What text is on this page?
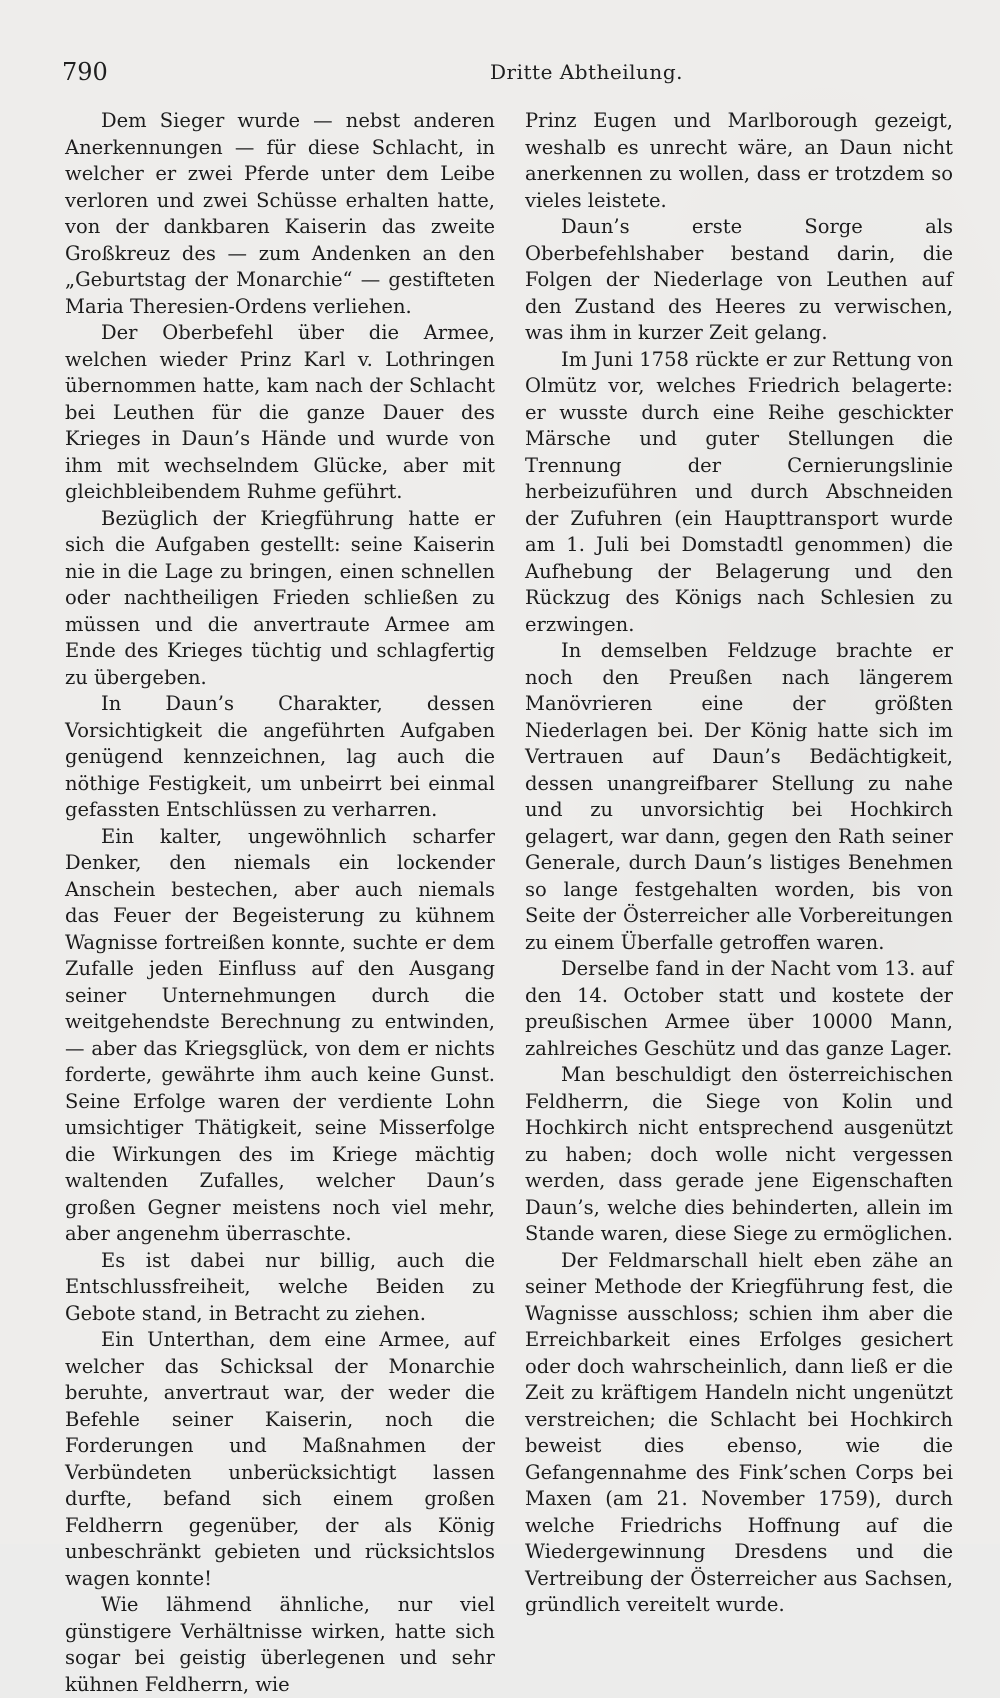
790	Dritte Abtheilung.

Dem Sieger wurde — nebst anderen Anerkennungen — für diese Schlacht, in welcher er zwei Pferde unter dem Leibe verloren und zwei Schüsse erhalten hatte, von der dankbaren Kaiserin das zweite Großkreuz des — zum Andenken an den „Geburtstag der Monarchie“ — gestifteten Maria Theresien-Ordens verliehen.

Der Oberbefehl über die Armee, welchen wieder Prinz Karl v. Lothringen übernommen hatte, kam nach der Schlacht bei Leuthen für die ganze Dauer des Krieges in Daun’s Hände und wurde von ihm mit wechselndem Glücke, aber mit gleichbleibendem Ruhme geführt.

Bezüglich der Kriegführung hatte er sich die Aufgaben gestellt: seine Kaiserin nie in die Lage zu bringen, einen schnellen oder nachtheiligen Frieden schließen zu müssen und die anvertraute Armee am Ende des Krieges tüchtig und schlagfertig zu übergeben.

In Daun’s Charakter, dessen Vorsichtigkeit die angeführten Aufgaben genügend kennzeichnen, lag auch die nöthige Festigkeit, um unbeirrt bei einmal gefassten Entschlüssen zu verharren.

Ein kalter, ungewöhnlich scharfer Denker, den niemals ein lockender Anschein bestechen, aber auch niemals das Feuer der Begeisterung zu kühnem Wagnisse fortreißen konnte, suchte er dem Zufalle jeden Einfluss auf den Ausgang seiner Unternehmungen durch die weitgehendste Berechnung zu entwinden, — aber das Kriegsglück, von dem er nichts forderte, gewährte ihm auch keine Gunst. Seine Erfolge waren der verdiente Lohn umsichtiger Thätigkeit, seine Misserfolge die Wirkungen des im Kriege mächtig waltenden Zufalles, welcher Daun’s großen Gegner meistens noch viel mehr, aber angenehm überraschte.

Es ist dabei nur billig, auch die Entschlussfreiheit, welche Beiden zu Gebote stand, in Betracht zu ziehen.

Ein Unterthan, dem eine Armee, auf welcher das Schicksal der Monarchie beruhte, anvertraut war, der weder die Befehle seiner Kaiserin, noch die Forderungen und Maßnahmen der Verbündeten unberücksichtigt lassen durfte, befand sich einem großen Feldherrn gegenüber, der als König unbeschränkt gebieten und rücksichtslos wagen konnte!

Wie lähmend ähnliche, nur viel günstigere Verhältnisse wirken, hatte sich sogar bei geistig überlegenen und sehr kühnen Feldherrn, wie

Prinz Eugen und Marlborough gezeigt, weshalb es unrecht wäre, an Daun nicht anerkennen zu wollen, dass er trotzdem so vieles leistete.

Daun’s erste Sorge als Oberbefehlshaber bestand darin, die Folgen der Niederlage von Leuthen auf den Zustand des Heeres zu verwischen, was ihm in kurzer Zeit gelang.

Im Juni 1758 rückte er zur Rettung von Olmütz vor, welches Friedrich belagerte: er wusste durch eine Reihe geschickter Märsche und guter Stellungen die Trennung der Cernierungslinie herbeizuführen und durch Abschneiden der Zufuhren (ein Haupttransport wurde am 1. Juli bei Domstadtl genommen) die Aufhebung der Belagerung und den Rückzug des Königs nach Schlesien zu erzwingen.

In demselben Feldzuge brachte er noch den Preußen nach längerem Manövrieren eine der größten Niederlagen bei. Der König hatte sich im Vertrauen auf Daun’s Bedächtigkeit, dessen unangreifbarer Stellung zu nahe und zu unvorsichtig bei Hochkirch gelagert, war dann, gegen den Rath seiner Generale, durch Daun’s listiges Benehmen so lange festgehalten worden, bis von Seite der Österreicher alle Vorbereitungen zu einem Überfalle getroffen waren.

Derselbe fand in der Nacht vom 13. auf den 14. October statt und kostete der preußischen Armee über 10000 Mann, zahlreiches Geschütz und das ganze Lager.

Man beschuldigt den österreichischen Feldherrn, die Siege von Kolin und Hochkirch nicht entsprechend ausgenützt zu haben; doch wolle nicht vergessen werden, dass gerade jene Eigenschaften Daun’s, welche dies behinderten, allein im Stande waren, diese Siege zu ermöglichen.

Der Feldmarschall hielt eben zähe an seiner Methode der Kriegführung fest, die Wagnisse ausschloss; schien ihm aber die Erreichbarkeit eines Erfolges gesichert oder doch wahrscheinlich, dann ließ er die Zeit zu kräftigem Handeln nicht ungenützt verstreichen; die Schlacht bei Hochkirch beweist dies ebenso, wie die Gefangennahme des Fink’schen Corps bei Maxen (am 21. November 1759), durch welche Friedrichs Hoffnung auf die Wiedergewinnung Dresdens und die Vertreibung der Österreicher aus Sachsen, gründlich vereitelt wurde.
